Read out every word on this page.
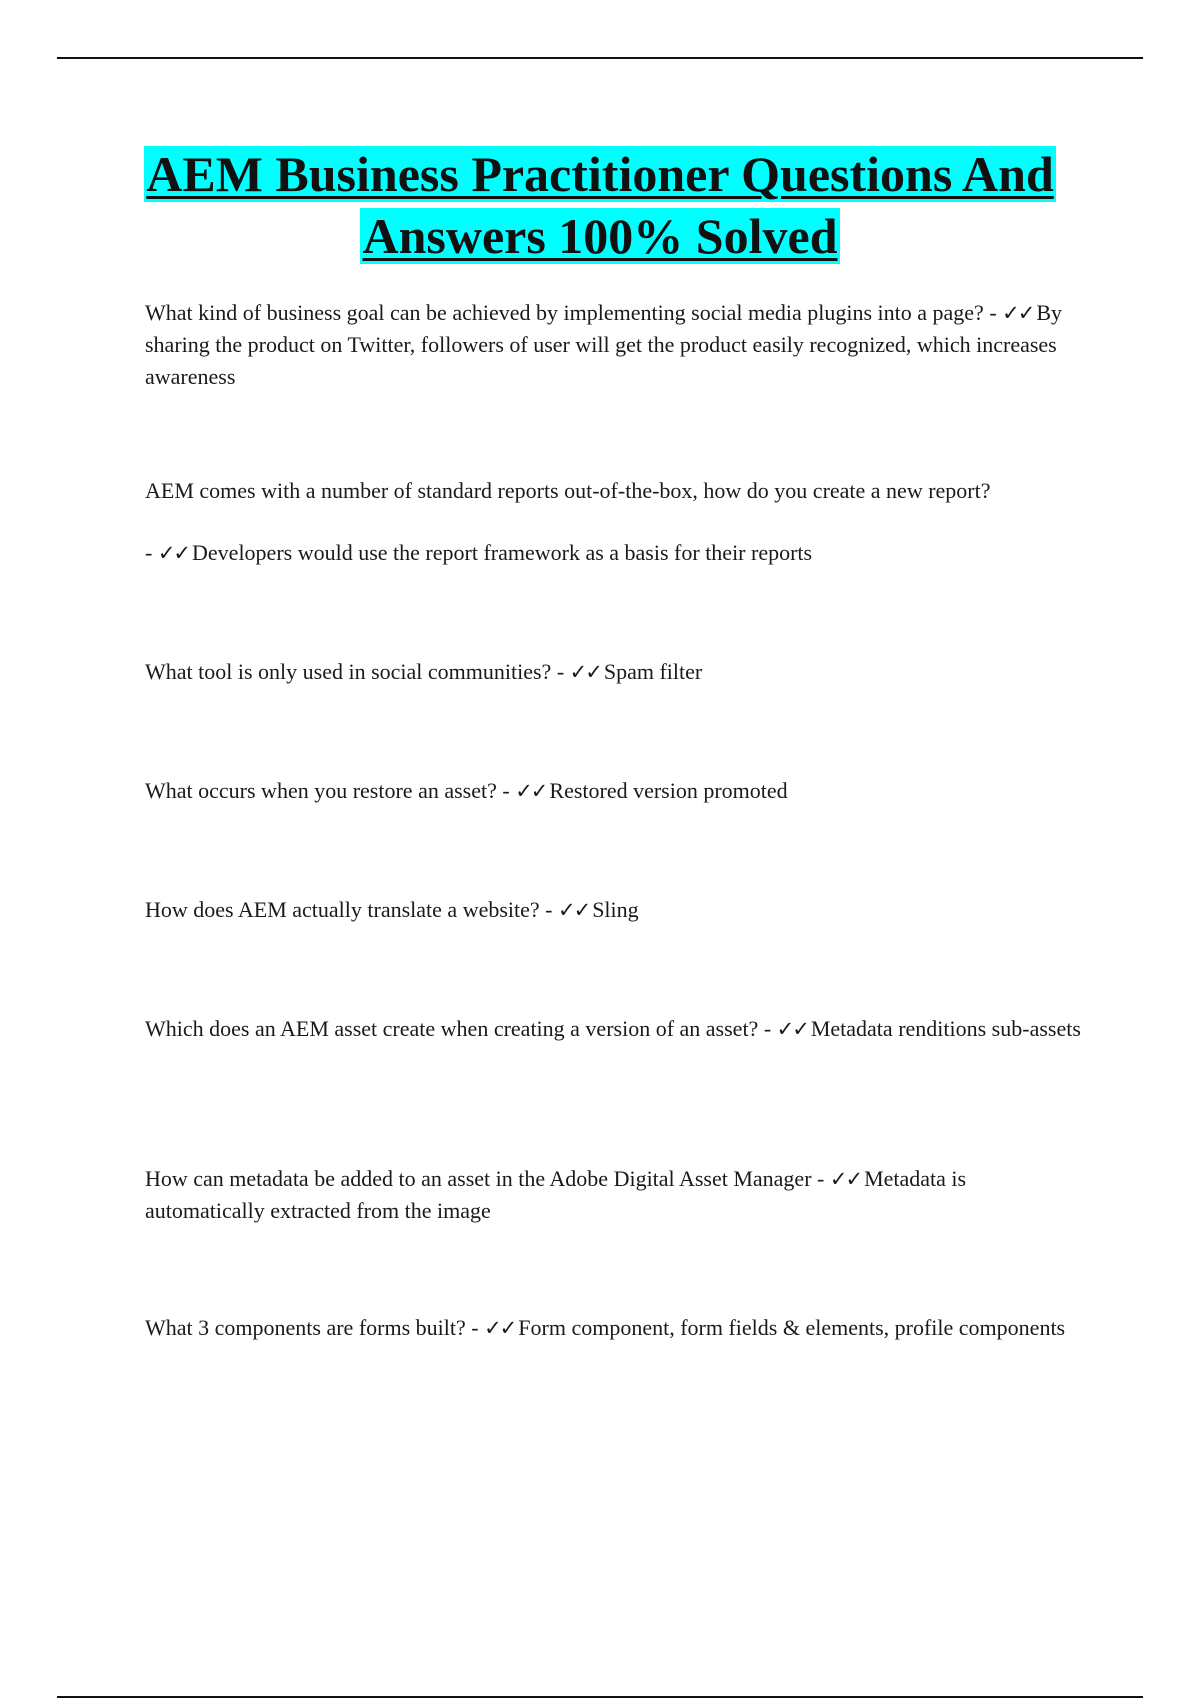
AEM Business Practitioner Questions And
Answers 100% Solved

What kind of business goal can be achieved by implementing social media plugins into a page? - ✓✓ By sharing the product on Twitter, followers of user will get the product easily recognized, which increases awareness

AEM comes with a number of standard reports out-of-the-box, how do you create a new report?

- ✓✓ Developers would use the report framework as a basis for their reports

What tool is only used in social communities? - ✓✓ Spam filter

What occurs when you restore an asset? - ✓✓ Restored version promoted

How does AEM actually translate a website? - ✓✓ Sling

Which does an AEM asset create when creating a version of an asset? - ✓✓ Metadata renditions sub-assets

How can metadata be added to an asset in the Adobe Digital Asset Manager - ✓✓ Metadata is automatically extracted from the image

What 3 components are forms built? - ✓✓ Form component, form fields & elements, profile components
